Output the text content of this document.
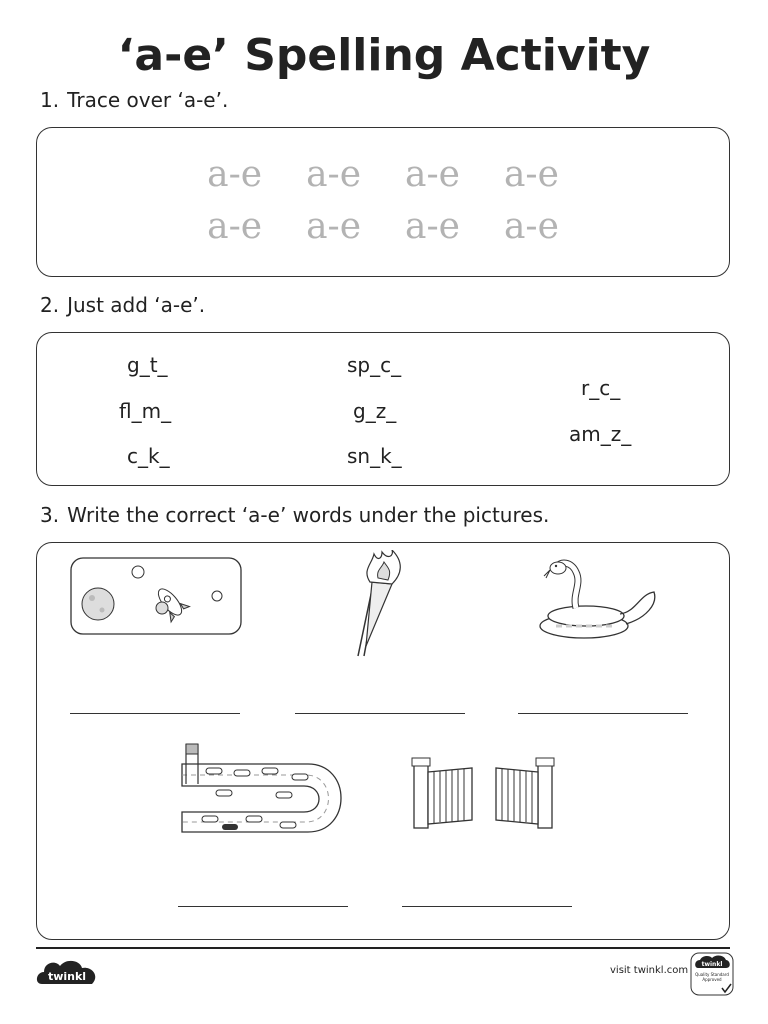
‘a-e’ Spelling Activity
1. Trace over ‘a-e’.
a-e a-e a-e a-e
a-e a-e a-e a-e
2. Just add ‘a-e’.
g_t_
fl_m_
c_k_
sp_c_
g_z_
sn_k_
r_c_
am_z_
3. Write the correct ‘a-e’ words under the pictures.
twinkl	visit twinkl.com
twinkl
Quality Standard Approved
